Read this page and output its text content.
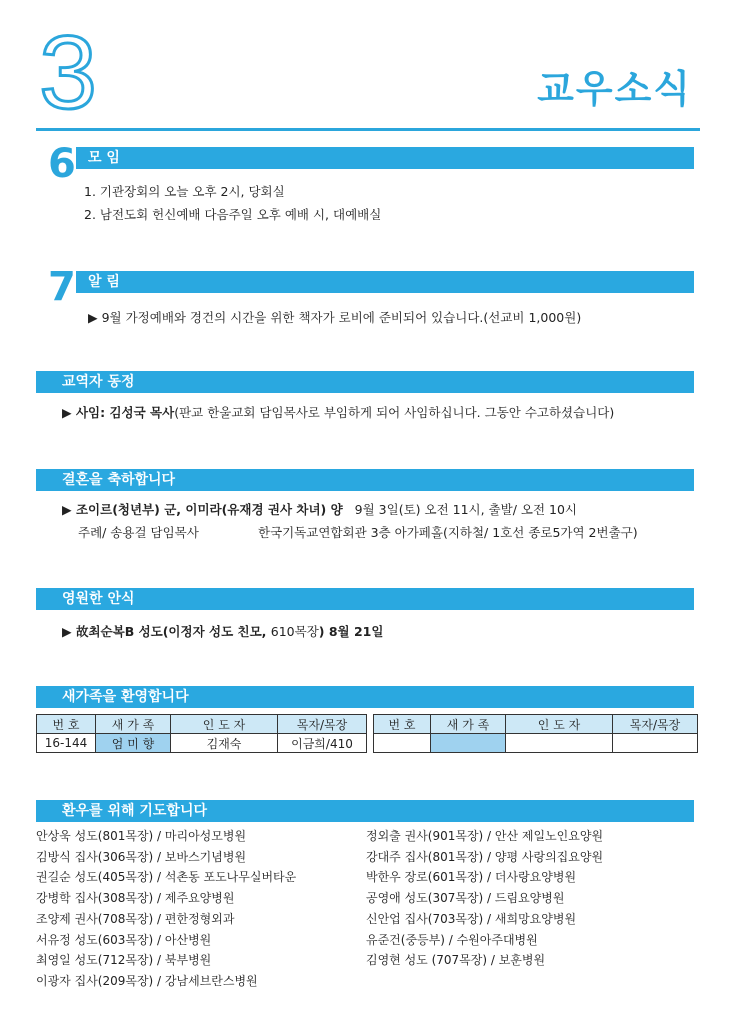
3	교우소식
6 모 임
1. 기관장회의 오늘 오후 2시, 당회실
2. 남전도회 헌신예배 다음주일 오후 예배 시, 대예배실
7 알 림
▶ 9월 가정예배와 경건의 시간을 위한 책자가 로비에 준비되어 있습니다.(선교비 1,000원)
교역자 동정
▶ 사임: 김성국 목사(판교 한울교회 담임목사로 부임하게 되어 사임하십니다. 그동안 수고하셨습니다)
결혼을 축하합니다
▶ 조이르(청년부) 군, 이미라(유재경 권사 차녀) 양 9월 3일(토) 오전 11시, 출발/ 오전 10시
주례/ 송용걸 담임목사	한국기독교연합회관 3층 아가페홀(지하철/ 1호선 종로5가역 2번출구)
영원한 안식
▶ 故최순복B 성도(이정자 성도 친모, 610목장) 8월 21일
새가족을 환영합니다
번 호	새 가 족	인 도 자	목자/목장		번 호	새 가 족	인 도 자	목자/목장
16-144	엄 미 향	김재숙	이금희/410					
환우를 위해 기도합니다
안상욱 성도(801목장) / 마리아성모병원
김방식 집사(306목장) / 보바스기념병원
권길순 성도(405목장) / 석촌동 포도나무실버타운
강병학 집사(308목장) / 제주요양병원
조양제 권사(708목장) / 편한정형외과
서유정 성도(603목장) / 아산병원
최영일 성도(712목장) / 북부병원
이광자 집사(209목장) / 강남세브란스병원
정외출 권사(901목장) / 안산 제일노인요양원
강대주 집사(801목장) / 양평 사랑의집요양원
박한우 장로(601목장) / 더사랑요양병원
공영애 성도(307목장) / 드림요양병원
신안업 집사(703목장) / 새희망요양병원
유준건(중등부) / 수원아주대병원
김영현 성도 (707목장) / 보훈병원
